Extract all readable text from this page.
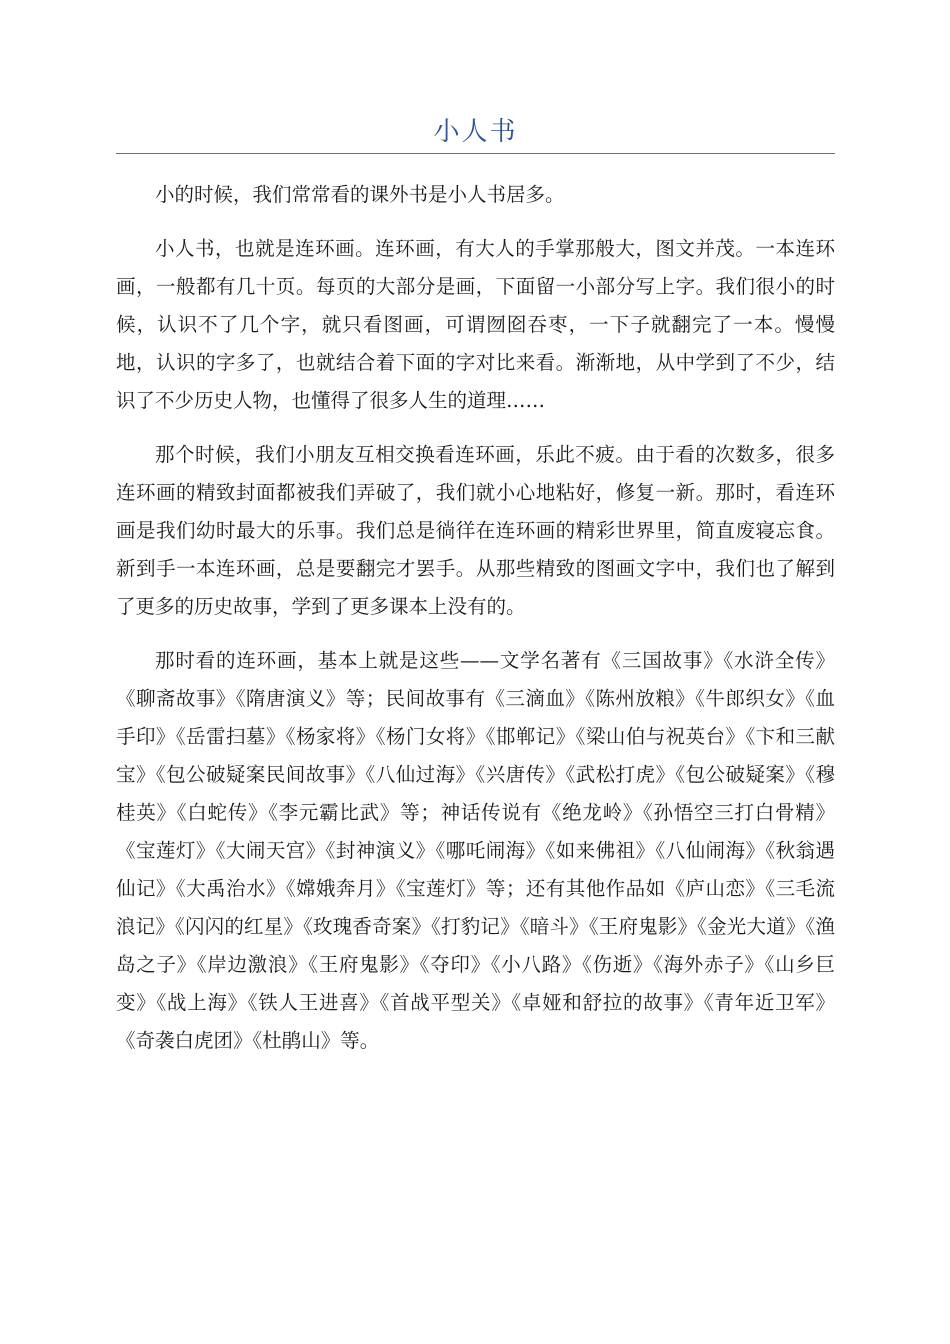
小人书

小的时候，我们常常看的课外书是小人书居多。

小人书，也就是连环画。连环画，有大人的手掌那般大，图文并茂。一本连环画，一般都有几十页。每页的大部分是画，下面留一小部分写上字。我们很小的时候，认识不了几个字，就只看图画，可谓囫囵吞枣，一下子就翻完了一本。慢慢地，认识的字多了，也就结合着下面的字对比来看。渐渐地，从中学到了不少，结识了不少历史人物，也懂得了很多人生的道理……

那个时候，我们小朋友互相交换看连环画，乐此不疲。由于看的次数多，很多连环画的精致封面都被我们弄破了，我们就小心地粘好，修复一新。那时，看连环画是我们幼时最大的乐事。我们总是徜徉在连环画的精彩世界里，简直废寝忘食。新到手一本连环画，总是要翻完才罢手。从那些精致的图画文字中，我们也了解到了更多的历史故事，学到了更多课本上没有的。

那时看的连环画，基本上就是这些——文学名著有《三国故事》《水浒全传》《聊斋故事》《隋唐演义》等；民间故事有《三滴血》《陈州放粮》《牛郎织女》《血手印》《岳雷扫墓》《杨家将》《杨门女将》《邯郸记》《梁山伯与祝英台》《卞和三献宝》《包公破疑案民间故事》《八仙过海》《兴唐传》《武松打虎》《包公破疑案》《穆桂英》《白蛇传》《李元霸比武》等；神话传说有《绝龙岭》《孙悟空三打白骨精》《宝莲灯》《大闹天宫》《封神演义》《哪吒闹海》《如来佛祖》《八仙闹海》《秋翁遇仙记》《大禹治水》《嫦娥奔月》《宝莲灯》等；还有其他作品如《庐山恋》《三毛流浪记》《闪闪的红星》《玫瑰香奇案》《打豹记》《暗斗》《王府鬼影》《金光大道》《渔岛之子》《岸边激浪》《王府鬼影》《夺印》《小八路》《伤逝》《海外赤子》《山乡巨变》《战上海》《铁人王进喜》《首战平型关》《卓娅和舒拉的故事》《青年近卫军》《奇袭白虎团》《杜鹃山》等。
